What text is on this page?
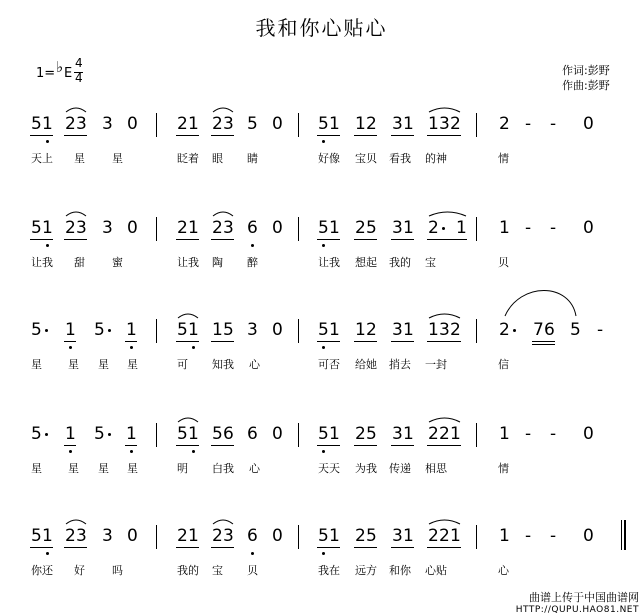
我和你心贴心
1= ♭ E
4
4
作词:彭野
作曲:彭野
曲谱上传于中国曲谱网
HTTP://QUPU.HAO81.NET
5 1 2 3 3 0
天上 星 星
2 1 2 3 5 0
眨着 眼 睛
5 1 1 2 3 1 1 3 2
好像 宝贝 看我 的神
2 - - 0
情
5 1 2 3 3 0
让我 甜 蜜
2 1 2 3 6 0
让我 陶 醉
5 1 2 5 3 1 2 1
让我 想起 我的 宝
1 - - 0
贝
5 1 5 1
星 星 星 星
5 1 1 5 3 0
可 知我 心
5 1 1 2 3 1 1 3 2
可否 给她 捎去 一封
2 7 6 5 -
信
5 1 5 1
星 星 星 星
5 1 5 6 6 0
明 白我 心
5 1 2 5 3 1 2 2 1
天天 为我 传递 相思
1 - - 0
情
5 1 2 3 3 0
你还 好 吗
2 1 2 3 6 0
我的 宝 贝
5 1 2 5 3 1 2 2 1
我在 远方 和你 心贴
1 - - 0
心
